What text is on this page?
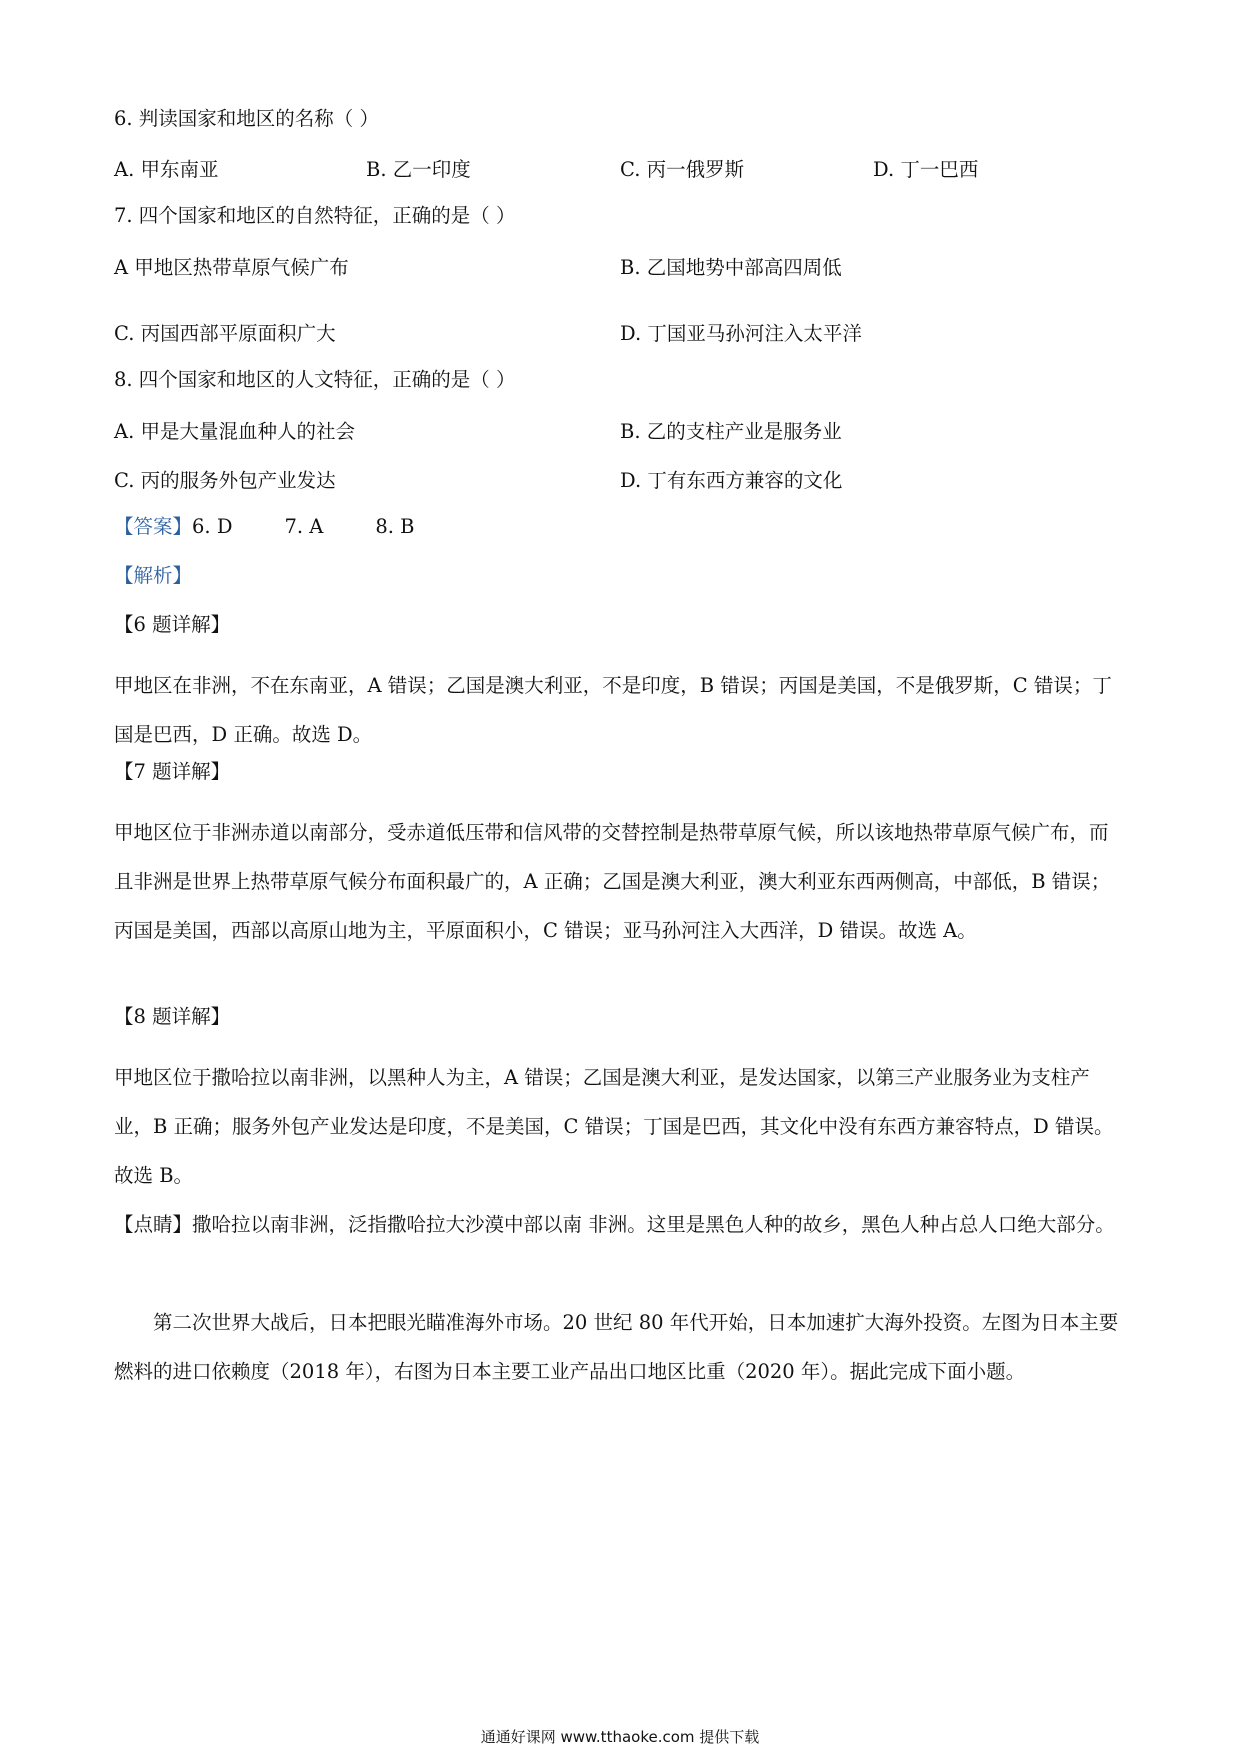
6. 判读国家和地区的名称（ ）
A. 甲东南亚	B. 乙一印度	C. 丙一俄罗斯	D. 丁一巴西
7. 四个国家和地区的自然特征，正确的是（ ）
A 甲地区热带草原气候广布	B. 乙国地势中部高四周低
C. 丙国西部平原面积广大	D. 丁国亚马孙河注入太平洋
8. 四个国家和地区的人文特征，正确的是（ ）
A. 甲是大量混血种人的社会	B. 乙的支柱产业是服务业
C. 丙的服务外包产业发达	D. 丁有东西方兼容的文化
【答案】6. D	7. A	8. B
【解析】
【6 题详解】
甲地区在非洲，不在东南亚，A 错误；乙国是澳大利亚，不是印度，B 错误；丙国是美国，不是俄罗斯，C 错误；丁国是巴西，D 正确。故选 D。
【7 题详解】
甲地区位于非洲赤道以南部分，受赤道低压带和信风带的交替控制是热带草原气候，所以该地热带草原气候广布，而且非洲是世界上热带草原气候分布面积最广的，A 正确；乙国是澳大利亚，澳大利亚东西两侧高，中部低，B 错误；丙国是美国，西部以高原山地为主，平原面积小，C 错误；亚马孙河注入大西洋，D 错误。故选 A。
【8 题详解】
甲地区位于撒哈拉以南非洲，以黑种人为主，A 错误；乙国是澳大利亚，是发达国家，以第三产业服务业为支柱产业，B 正确；服务外包产业发达是印度，不是美国，C 错误；丁国是巴西，其文化中没有东西方兼容特点，D 错误。故选 B。
【点睛】撒哈拉以南非洲，泛指撒哈拉大沙漠中部以南 非洲。这里是黑色人种的故乡，黑色人种占总人口绝大部分。
第二次世界大战后，日本把眼光瞄准海外市场。20 世纪 80 年代开始，日本加速扩大海外投资。左图为日本主要燃料的进口依赖度（2018 年），右图为日本主要工业产品出口地区比重（2020 年）。据此完成下面小题。
通通好课网 www.tthaoke.com 提供下载
